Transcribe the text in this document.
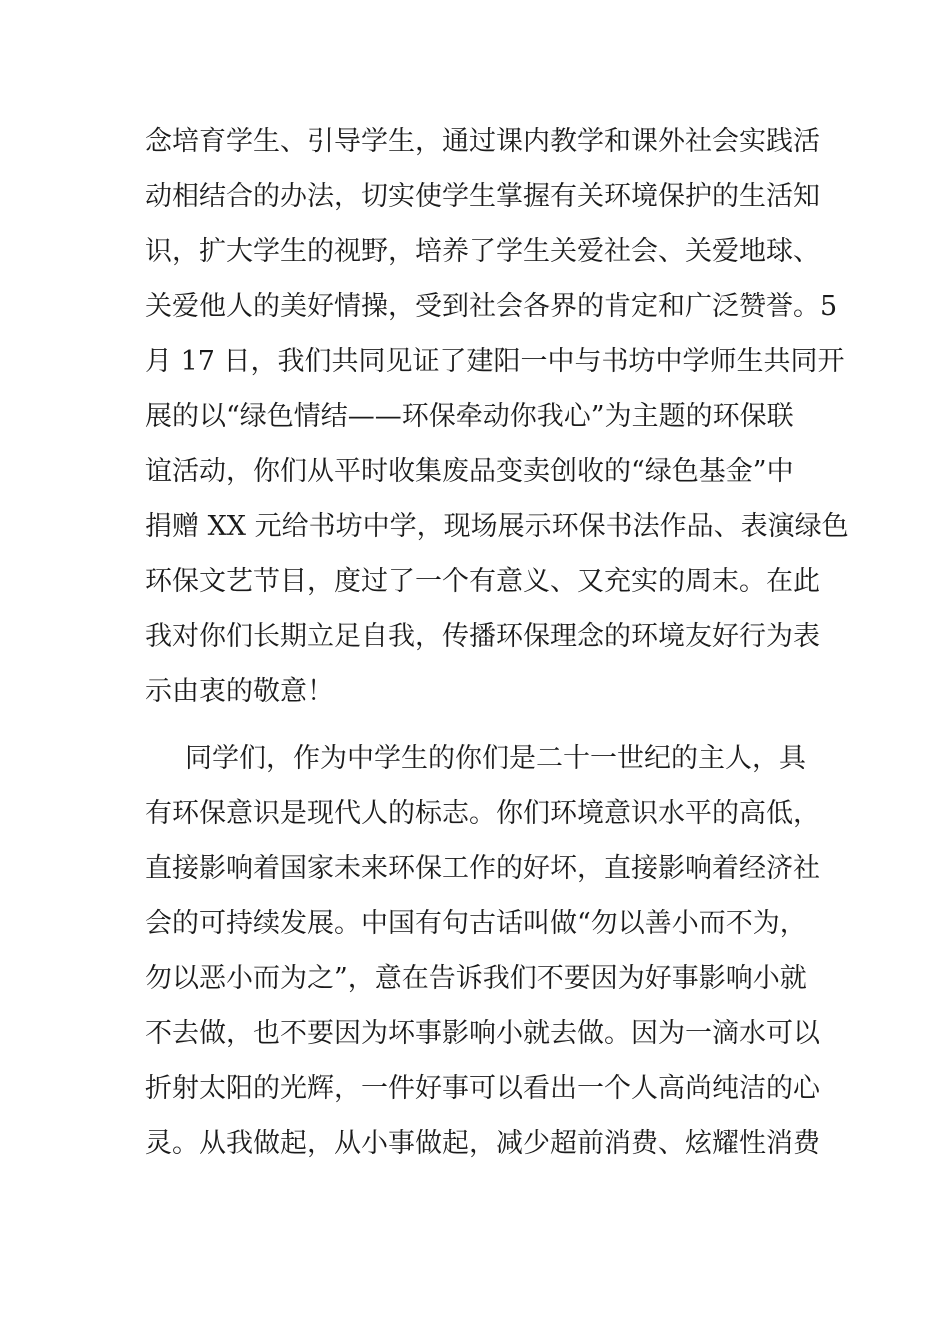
念培育学生、引导学生，通过课内教学和课外社会实践活
动相结合的办法，切实使学生掌握有关环境保护的生活知
识，扩大学生的视野，培养了学生关爱社会、关爱地球、
关爱他人的美好情操，受到社会各界的肯定和广泛赞誉。5
月 17 日，我们共同见证了建阳一中与书坊中学师生共同开
展的以“绿色情结——环保牵动你我心”为主题的环保联
谊活动，你们从平时收集废品变卖创收的“绿色基金”中
捐赠 XX 元给书坊中学，现场展示环保书法作品、表演绿色
环保文艺节目，度过了一个有意义、又充实的周末。在此
我对你们长期立足自我，传播环保理念的环境友好行为表
示由衷的敬意！
同学们，作为中学生的你们是二十一世纪的主人，具
有环保意识是现代人的标志。你们环境意识水平的高低，
直接影响着国家未来环保工作的好坏，直接影响着经济社
会的可持续发展。中国有句古话叫做“勿以善小而不为，
勿以恶小而为之”，意在告诉我们不要因为好事影响小就
不去做，也不要因为坏事影响小就去做。因为一滴水可以
折射太阳的光辉，一件好事可以看出一个人高尚纯洁的心
灵。从我做起，从小事做起，减少超前消费、炫耀性消费
